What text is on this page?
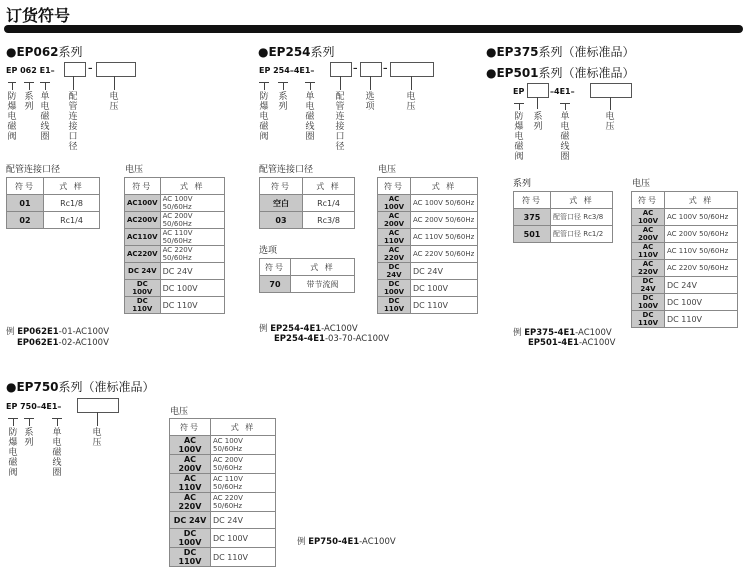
订货符号
●EP062系列
EP 062 E1–	–
防爆电磁阀
系列
单电磁线圈
配管连接口径
电压
配管连接口径
符号	式 样
01	Rc1/8
02	Rc1/4
电压
符号	式 样
AC100V	AC 100V 50/60Hz
AC200V	AC 200V 50/60Hz
AC110V	AC 110V 50/60Hz
AC220V	AC 220V 50/60Hz
DC 24V	DC 24V
DC 100V	DC 100V
DC 110V	DC 110V
例 EP062E1-01-AC100V
EP062E1-02-AC100V
●EP254系列
EP 254–4E1–	–	–
防爆电磁阀
系列
单电磁线圈
配管连接口径
选项
电压
配管连接口径
符号	式 样
空白	Rc1/4
03	Rc3/8
选项
符号	式 样
70	带节流阀
电压
符号	式 样
AC 100V	AC 100V 50/60Hz
AC 200V	AC 200V 50/60Hz
AC 110V	AC 110V 50/60Hz
AC 220V	AC 220V 50/60Hz
DC 24V	DC 24V
DC 100V	DC 100V
DC 110V	DC 110V
例 EP254-4E1-AC100V
EP254-4E1-03-70-AC100V
●EP375系列（准标准品）
●EP501系列（准标准品）
EP	–4E1–
防爆电磁阀
系列
单电磁线圈
电压
系列
符号	式 样
375	配管口径 Rc3/8
501	配管口径 Rc1/2
电压
符号	式 样
AC 100V	AC 100V 50/60Hz
AC 200V	AC 200V 50/60Hz
AC 110V	AC 110V 50/60Hz
AC 220V	AC 220V 50/60Hz
DC 24V	DC 24V
DC 100V	DC 100V
DC 110V	DC 110V
例 EP375-4E1-AC100V
EP501-4E1-AC100V
●EP750系列（准标准品）
EP 750–4E1–
防爆电磁阀
系列
单电磁线圈
电压
电压
符号	式 样
AC 100V	AC 100V 50/60Hz
AC 200V	AC 200V 50/60Hz
AC 110V	AC 110V 50/60Hz
AC 220V	AC 220V 50/60Hz
DC 24V	DC 24V
DC 100V	DC 100V
DC 110V	DC 110V
例 EP750-4E1-AC100V
